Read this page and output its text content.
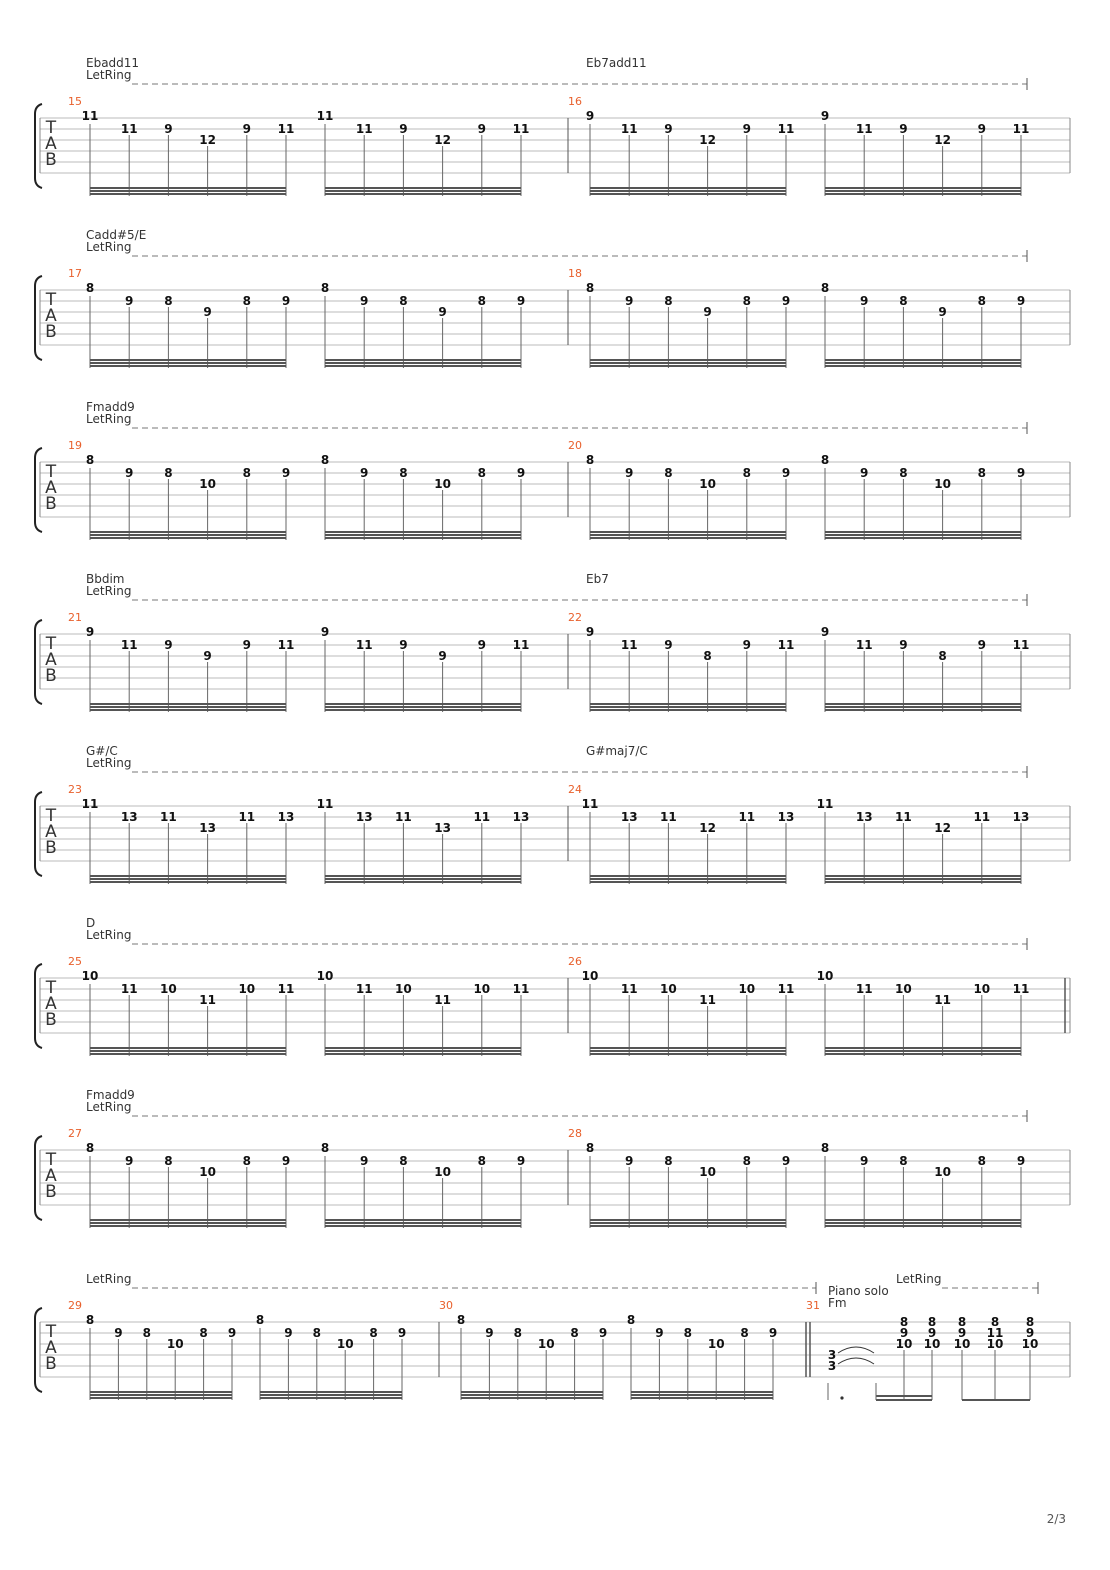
T
A
B
Ebadd11	Eb7add11
LetRing
15
11
11 9
12
9 11
11
11 9
12
9 11
16
9
11 9
12
9 11
9
11 9
12
9 11
T
A
B
Cadd#5/E
LetRing
17
8
9	8
9
8	9
8
9	8
9
8	9
18
8
9	8
9
8	9
8
9	8
9
8	9
T
A
B
Fmadd9
LetRing
19
8
9	8
10
8	9
8
9	8
10
8	9
20
8
9	8
10
8	9
8
9	8
10
8	9
T
A
B
Bbdim	Eb7
LetRing
21
9
11 9
9
9 11
9
11 9
9
9 11
22
9
11 9
8
9 11
9
11 9
8
9 11
T
A
B
G#/C	G#maj7/C
LetRing
23
11
13 11
13
11 13
11
13 11
13
11 13
24
11
13 11
12
11 13
11
13 11
12
11 13
T
A
B
D
LetRing
25
10
11 10
11
10 11
10
11 10
11
10 11
26
10
11 10
11
10 11
10
11 10
11
10 11
T
A
B
Fmadd9
LetRing
27
8
9	8
10
8	9
8
9	8
10
8	9
28
8
9	8
10
8	9
8
9	8
10
8	9
T
A
B
LetRing	LetRing
29
8
9 8
10
8 9
8
9 8
10
8 9
30
8
9 8
10
8 9
8
9 8
10
8 9
31
Piano solo
Fm
3
3
8
9
10
8
9
10
8
9
10
8
11
10
8
9
10
2/3
